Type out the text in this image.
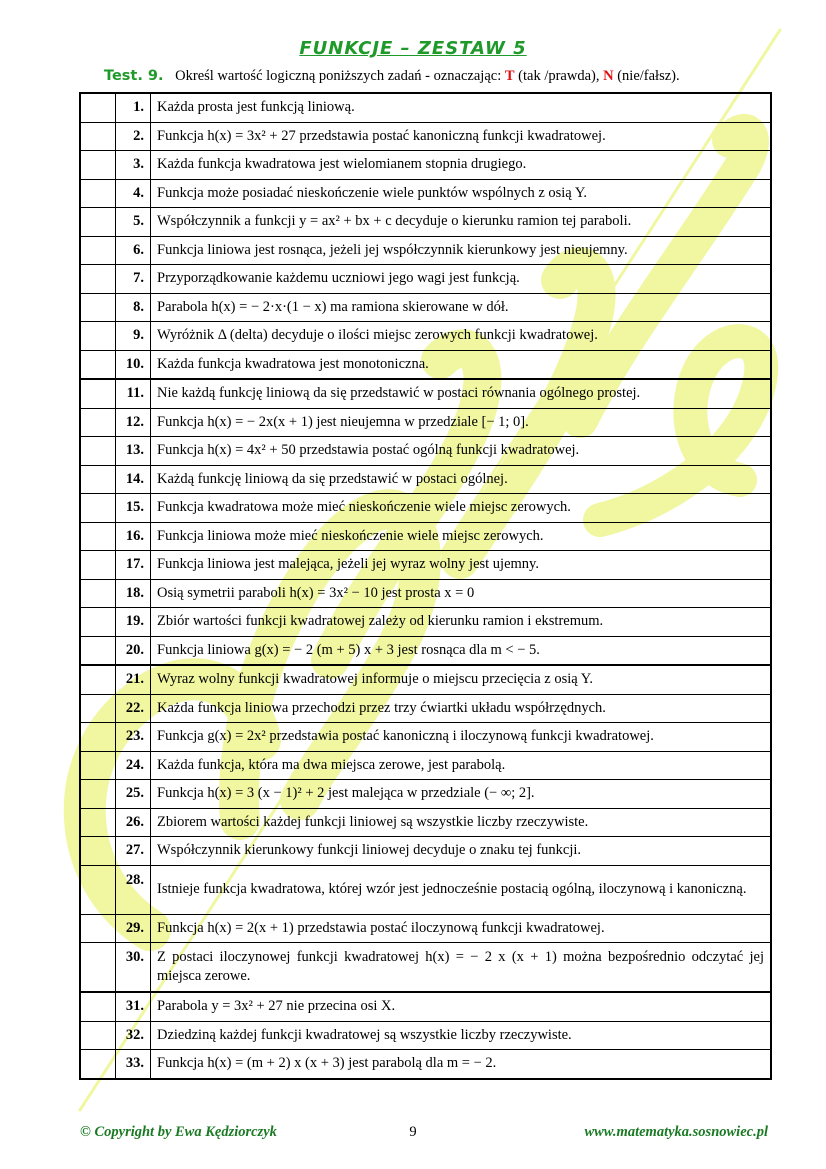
FUNKCJE – ZESTAW 5
Test. 9. Określ wartość logiczną poniższych zadań - oznaczając: T (tak /prawda), N (nie/fałsz).
	1.	Każda prosta jest funkcją liniową.
	2.	Funkcja h(x) = 3x² + 27 przedstawia postać kanoniczną funkcji kwadratowej.
	3.	Każda funkcja kwadratowa jest wielomianem stopnia drugiego.
	4.	Funkcja może posiadać nieskończenie wiele punktów wspólnych z osią Y.
	5.	Współczynnik a funkcji y = ax² + bx + c decyduje o kierunku ramion tej paraboli.
	6.	Funkcja liniowa jest rosnąca, jeżeli jej współczynnik kierunkowy jest nieujemny.
	7.	Przyporządkowanie każdemu uczniowi jego wagi jest funkcją.
	8.	Parabola h(x) = − 2·x·(1 − x) ma ramiona skierowane w dół.
	9.	Wyróżnik Δ (delta) decyduje o ilości miejsc zerowych funkcji kwadratowej.
	10.	Każda funkcja kwadratowa jest monotoniczna.
	11.	Nie każdą funkcję liniową da się przedstawić w postaci równania ogólnego prostej.
	12.	Funkcja h(x) = − 2x(x + 1) jest nieujemna w przedziale [− 1; 0].
	13.	Funkcja h(x) = 4x² + 50 przedstawia postać ogólną funkcji kwadratowej.
	14.	Każdą funkcję liniową da się przedstawić w postaci ogólnej.
	15.	Funkcja kwadratowa może mieć nieskończenie wiele miejsc zerowych.
	16.	Funkcja liniowa może mieć nieskończenie wiele miejsc zerowych.
	17.	Funkcja liniowa jest malejąca, jeżeli jej wyraz wolny jest ujemny.
	18.	Osią symetrii paraboli h(x) = 3x² − 10 jest prosta x = 0
	19.	Zbiór wartości funkcji kwadratowej zależy od kierunku ramion i ekstremum.
	20.	Funkcja liniowa g(x) = − 2 (m + 5) x + 3 jest rosnąca dla m < − 5.
	21.	Wyraz wolny funkcji kwadratowej informuje o miejscu przecięcia z osią Y.
	22.	Każda funkcja liniowa przechodzi przez trzy ćwiartki układu współrzędnych.
	23.	Funkcja g(x) = 2x² przedstawia postać kanoniczną i iloczynową funkcji kwadratowej.
	24.	Każda funkcja, która ma dwa miejsca zerowe, jest parabolą.
	25.	Funkcja h(x) = 3 (x − 1)² + 2 jest malejąca w przedziale (− ∞; 2].
	26.	Zbiorem wartości każdej funkcji liniowej są wszystkie liczby rzeczywiste.
	27.	Współczynnik kierunkowy funkcji liniowej decyduje o znaku tej funkcji.
	28.	Istnieje funkcja kwadratowa, której wzór jest jednocześnie postacią ogólną, iloczynową i kanoniczną.
	29.	Funkcja h(x) = 2(x + 1) przedstawia postać iloczynową funkcji kwadratowej.
	30.	Z postaci iloczynowej funkcji kwadratowej h(x) = − 2 x (x + 1) można bezpośrednio odczytać jej miejsca zerowe.
	31.	Parabola y = 3x² + 27 nie przecina osi X.
	32.	Dziedziną każdej funkcji kwadratowej są wszystkie liczby rzeczywiste.
	33.	Funkcja h(x) = (m + 2) x (x + 3) jest parabolą dla m = − 2.
© Copyright by Ewa Kędziorczyk	9	www.matematyka.sosnowiec.pl
